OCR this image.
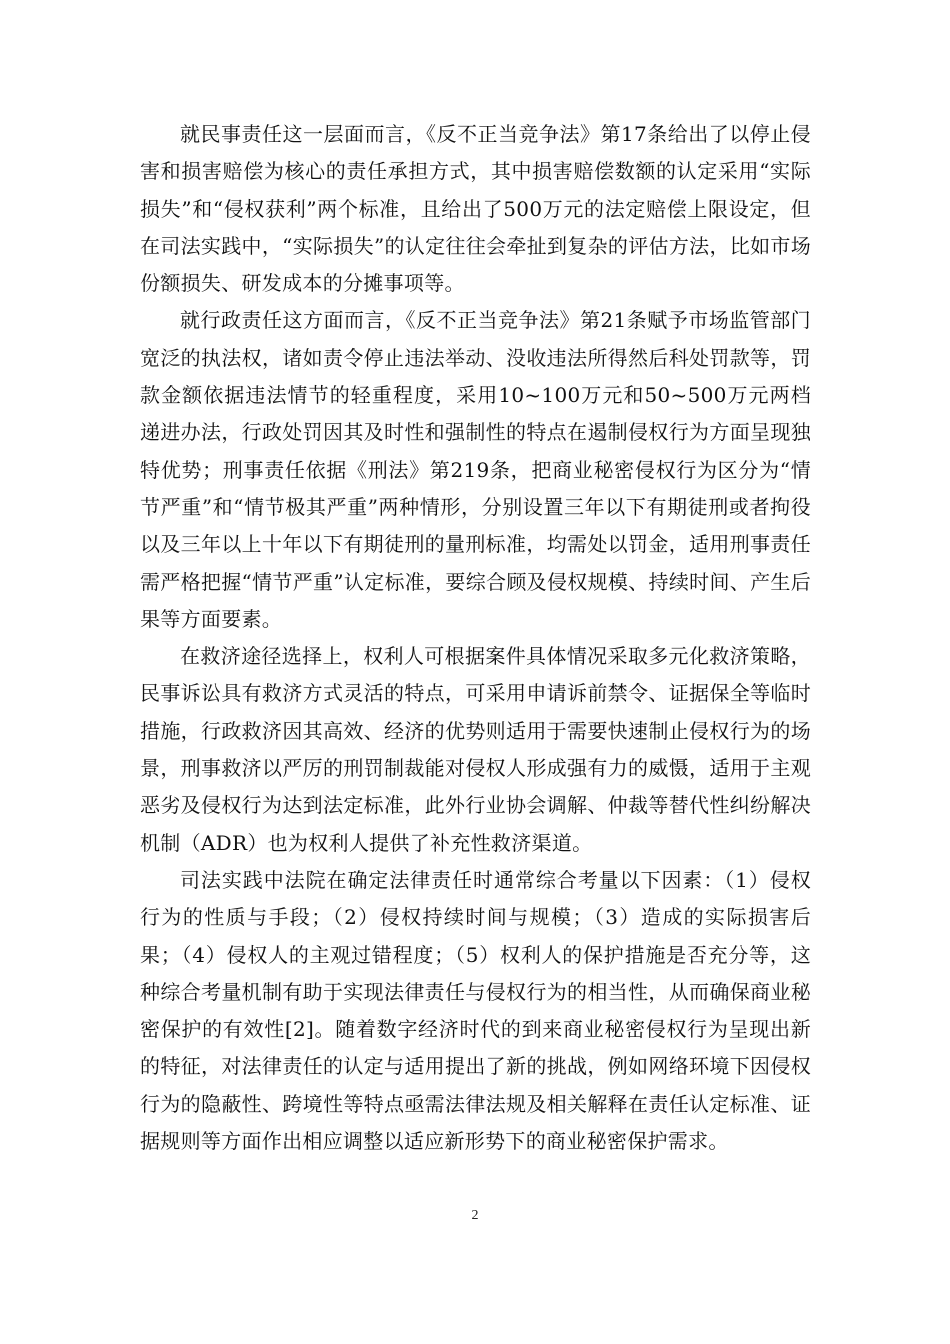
就民事责任这一层面而言，《反不正当竞争法》第17条给出了以停止侵害和损害赔偿为核心的责任承担方式，其中损害赔偿数额的认定采用“实际损失”和“侵权获利”两个标准，且给出了500万元的法定赔偿上限设定，但在司法实践中，“实际损失”的认定往往会牵扯到复杂的评估方法，比如市场份额损失、研发成本的分摊事项等。

就行政责任这方面而言，《反不正当竞争法》第21条赋予市场监管部门宽泛的执法权，诸如责令停止违法举动、没收违法所得然后科处罚款等，罚款金额依据违法情节的轻重程度，采用10~100万元和50~500万元两档递进办法，行政处罚因其及时性和强制性的特点在遏制侵权行为方面呈现独特优势；刑事责任依据《刑法》第219条，把商业秘密侵权行为区分为“情节严重”和“情节极其严重”两种情形，分别设置三年以下有期徒刑或者拘役以及三年以上十年以下有期徒刑的量刑标准，均需处以罚金，适用刑事责任需严格把握“情节严重”认定标准，要综合顾及侵权规模、持续时间、产生后果等方面要素。

在救济途径选择上，权利人可根据案件具体情况采取多元化救济策略，民事诉讼具有救济方式灵活的特点，可采用申请诉前禁令、证据保全等临时措施，行政救济因其高效、经济的优势则适用于需要快速制止侵权行为的场景，刑事救济以严厉的刑罚制裁能对侵权人形成强有力的威慑，适用于主观恶劣及侵权行为达到法定标准，此外行业协会调解、仲裁等替代性纠纷解决机制（ADR）也为权利人提供了补充性救济渠道。

司法实践中法院在确定法律责任时通常综合考量以下因素：（1）侵权行为的性质与手段；（2）侵权持续时间与规模；（3）造成的实际损害后果；（4）侵权人的主观过错程度；（5）权利人的保护措施是否充分等，这种综合考量机制有助于实现法律责任与侵权行为的相当性，从而确保商业秘密保护的有效性[2]。随着数字经济时代的到来商业秘密侵权行为呈现出新的特征，对法律责任的认定与适用提出了新的挑战，例如网络环境下因侵权行为的隐蔽性、跨境性等特点亟需法律法规及相关解释在责任认定标准、证据规则等方面作出相应调整以适应新形势下的商业秘密保护需求。

2
